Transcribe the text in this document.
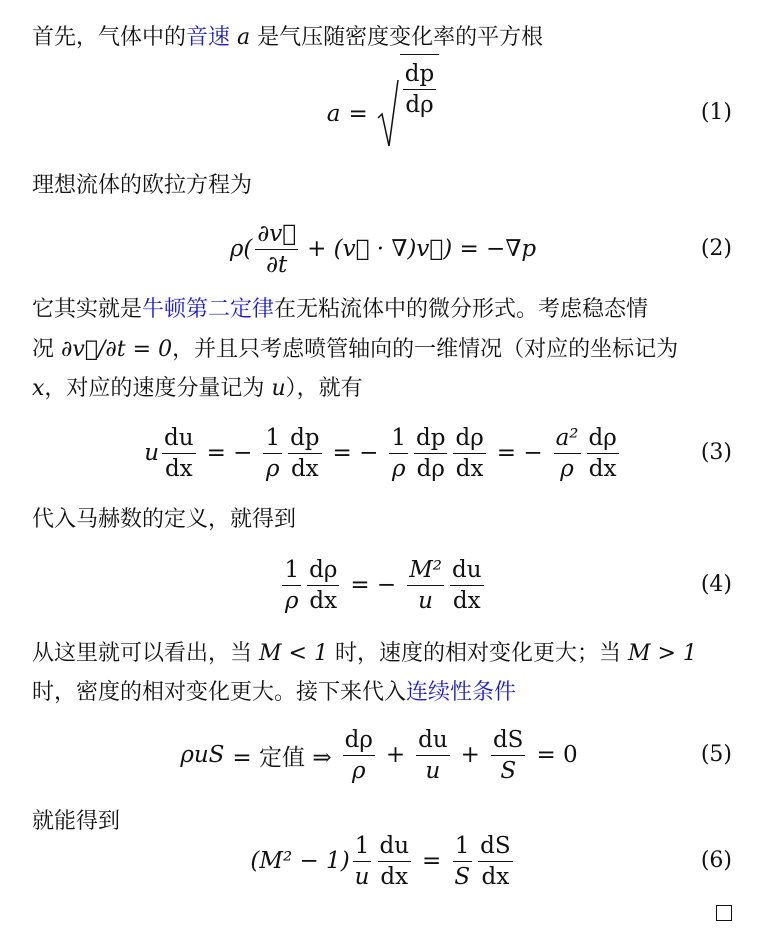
首先，气体中的音速 a 是气压随密度变化率的平方根
$a = \frac{dp}{d\rho}$	(1)
理想流体的欧拉方程为
$\rho( \frac{\partial v⃗}{\partial t}$ + (v⃗ · ∇)v⃗) = −∇p	(2)
它其实就是牛顿第二定律在无粘流体中的微分形式。考虑稳态情
况 ∂v⃗/∂t = 0，并且只考虑喷管轴向的一维情况（对应的坐标记为
x，对应的速度分量记为 u），就有
u $\frac{du}{dx}$ = − $\frac{1}{\rho} \frac{dp}{dx}$ = − $\frac{1}{\rho} \frac{dp}{d\rho} \frac{d\rho}{dx}$ = − $\frac{\text{a²}}{\rho} \frac{d\rho}{dx}$	(3)
代入马赫数的定义，就得到
$\frac{1}{\rho} \frac{d\rho}{dx}$ = − $\frac{\text{M²}}{u} \frac{du}{dx}$	(4)
从这里就可以看出，当 M < 1 时，速度的相对变化更大；当 M > 1
时，密度的相对变化更大。接下来代入连续性条件
ρuS = 定值 ⇒ $\frac{d\rho}{\rho} + \frac{du}{u} + \frac{dS}{S} = 0$	(5)
就能得到
$(M^2 - 1) \frac{1}{u} \frac{du}{dx} = \frac{1}{S} \frac{dS}{dx}$	(6)
